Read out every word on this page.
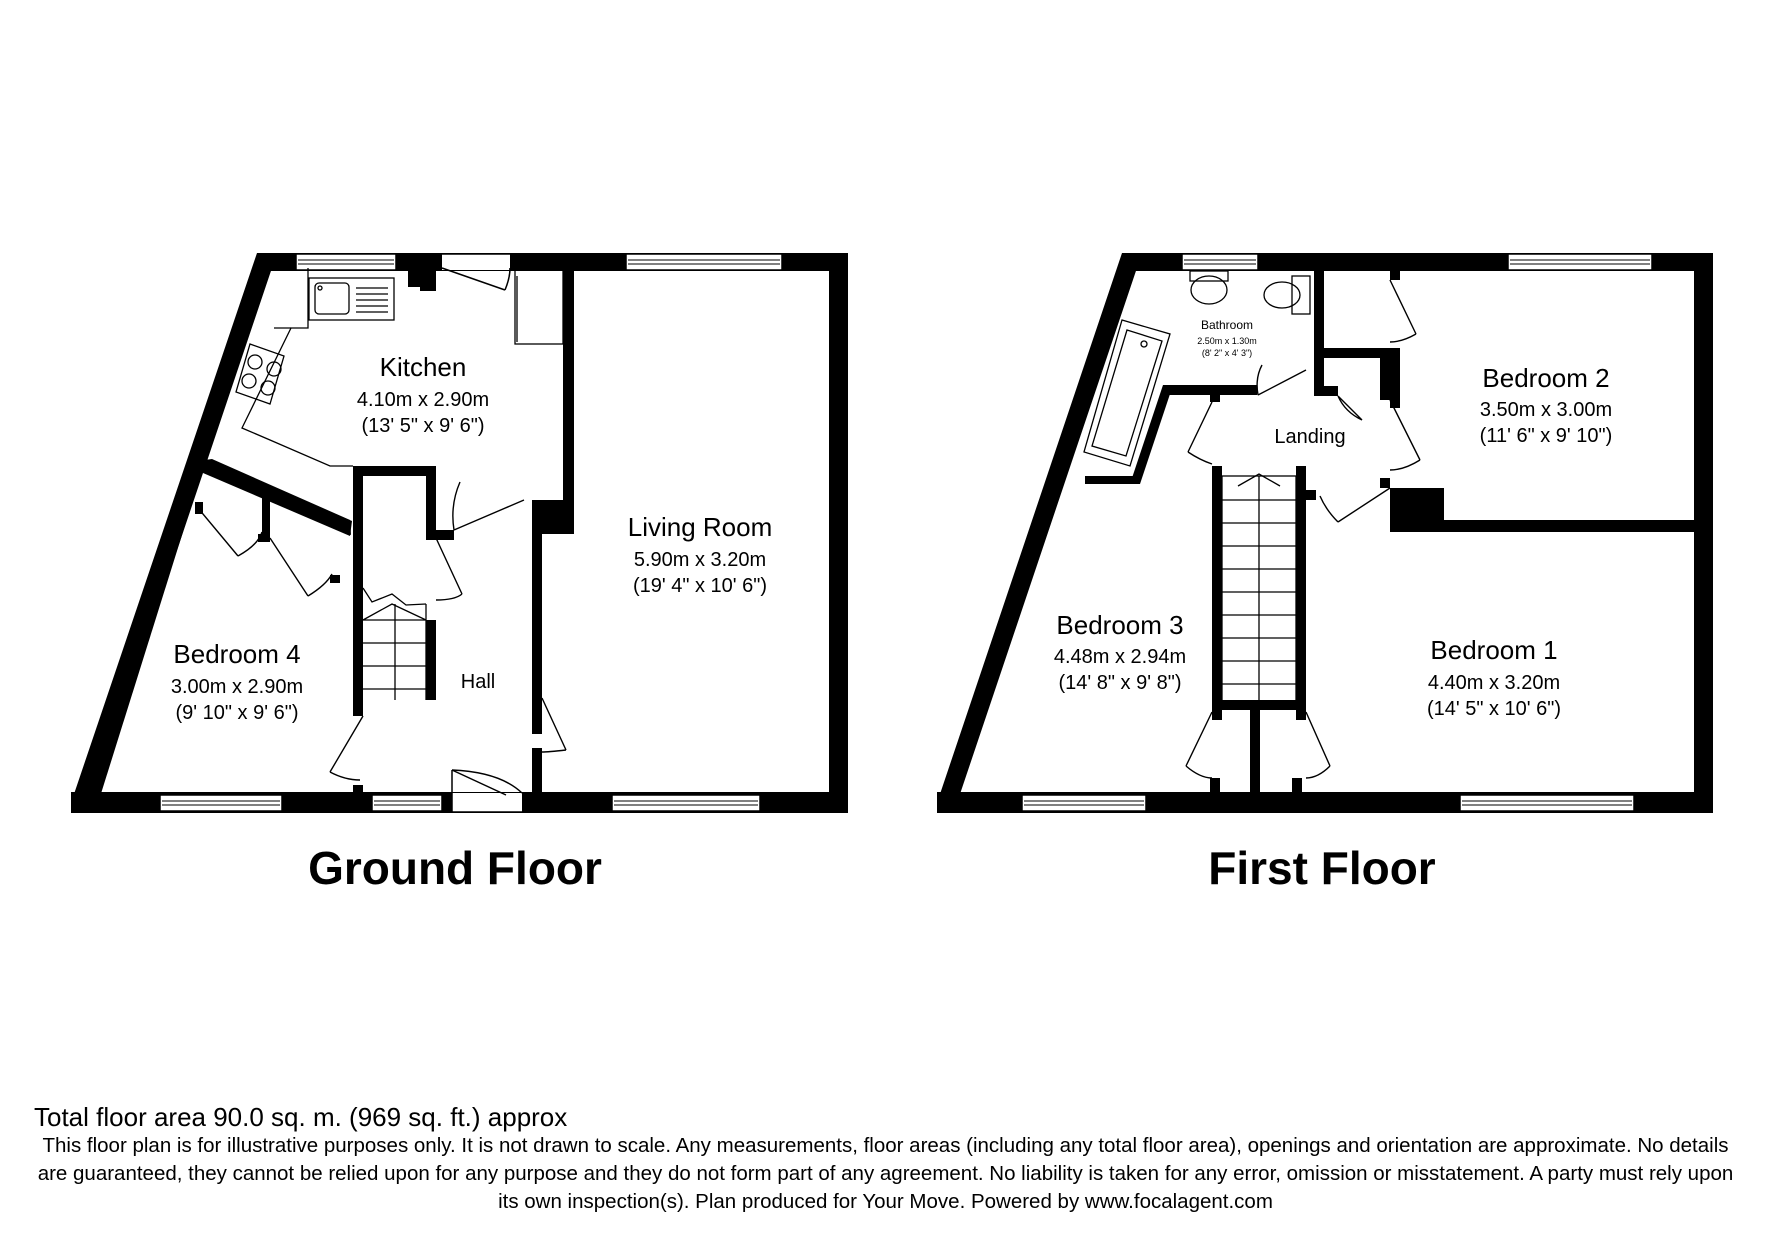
Kitchen
4.10m x 2.90m
(13' 5" x 9' 6")
Living Room
5.90m x 3.20m
(19' 4" x 10' 6")
Bedroom 4
3.00m x 2.90m
(9' 10" x 9' 6")
Hall
Ground Floor
Bathroom
2.50m x 1.30m
(8' 2" x 4' 3")
Landing
Bedroom 2
3.50m x 3.00m
(11' 6" x 9' 10")
Bedroom 3
4.48m x 2.94m
(14' 8" x 9' 8")
Bedroom 1
4.40m x 3.20m
(14' 5" x 10' 6")
First Floor
Total floor area 90.0 sq. m. (969 sq. ft.) approx
This floor plan is for illustrative purposes only. It is not drawn to scale. Any measurements, floor areas (including any total floor area), openings and orientation are approximate. No details are guaranteed, they cannot be relied upon for any purpose and they do not form part of any agreement. No liability is taken for any error, omission or misstatement. A party must rely upon its own inspection(s). Plan produced for Your Move. Powered by www.focalagent.com
